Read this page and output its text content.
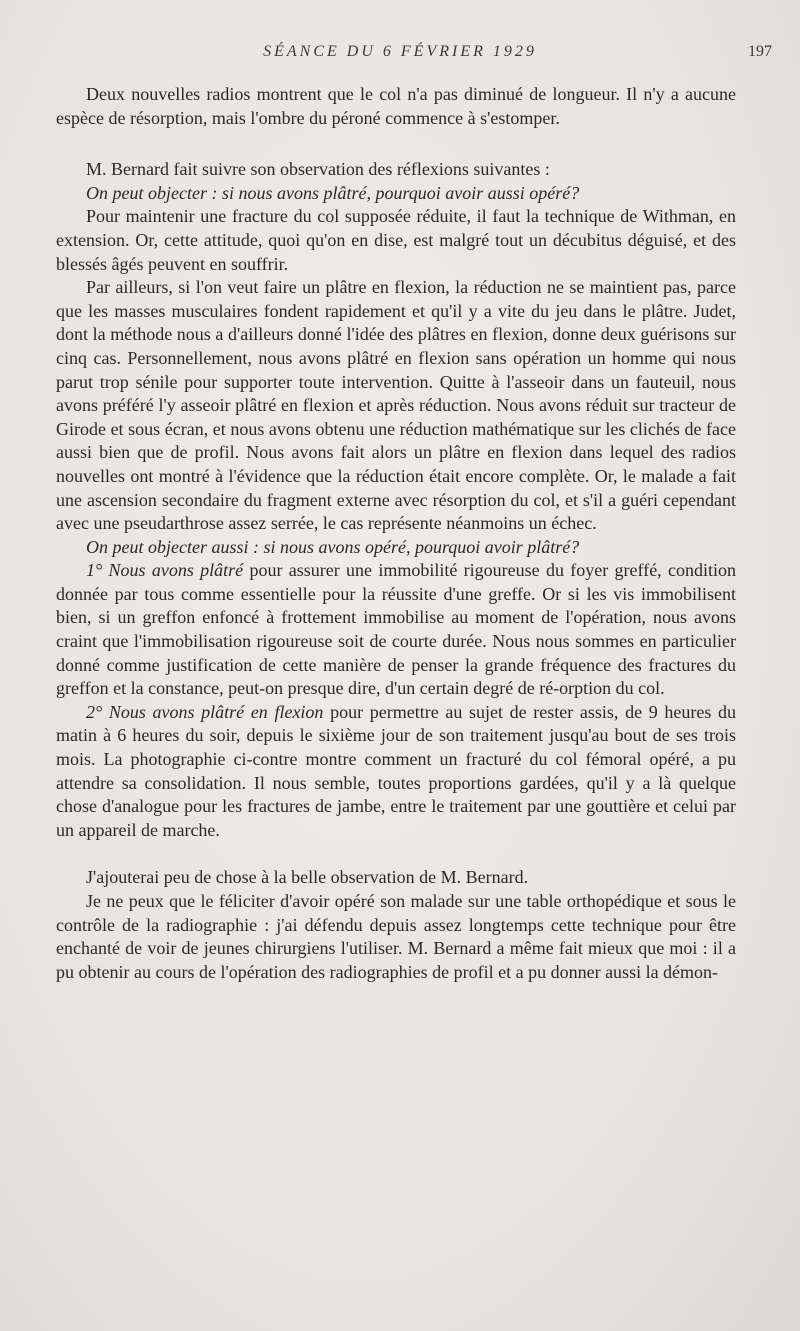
SÉANCE DU 6 FÉVRIER 1929	197

Deux nouvelles radios montrent que le col n'a pas diminué de longueur. Il n'y a aucune espèce de résorption, mais l'ombre du péroné commence à s'estomper.

M. Bernard fait suivre son observation des réflexions suivantes :

On peut objecter : si nous avons plâtré, pourquoi avoir aussi opéré?

Pour maintenir une fracture du col supposée réduite, il faut la technique de Withman, en extension. Or, cette attitude, quoi qu'on en dise, est malgré tout un décubitus déguisé, et des blessés âgés peuvent en souffrir.

Par ailleurs, si l'on veut faire un plâtre en flexion, la réduction ne se maintient pas, parce que les masses musculaires fondent rapidement et qu'il y a vite du jeu dans le plâtre. Judet, dont la méthode nous a d'ailleurs donné l'idée des plâtres en flexion, donne deux guérisons sur cinq cas. Personnellement, nous avons plâtré en flexion sans opération un homme qui nous parut trop sénile pour supporter toute intervention. Quitte à l'asseoir dans un fauteuil, nous avons préféré l'y asseoir plâtré en flexion et après réduction. Nous avons réduit sur tracteur de Girode et sous écran, et nous avons obtenu une réduction mathématique sur les clichés de face aussi bien que de profil. Nous avons fait alors un plâtre en flexion dans lequel des radios nouvelles ont montré à l'évidence que la réduction était encore complète. Or, le malade a fait une ascension secondaire du fragment externe avec résorption du col, et s'il a guéri cependant avec une pseudarthrose assez serrée, le cas représente néanmoins un échec.

On peut objecter aussi : si nous avons opéré, pourquoi avoir plâtré?

1° Nous avons plâtré pour assurer une immobilité rigoureuse du foyer greffé, condition donnée par tous comme essentielle pour la réussite d'une greffe. Or si les vis immobilisent bien, si un greffon enfoncé à frottement immobilise au moment de l'opération, nous avons craint que l'immobilisation rigoureuse soit de courte durée. Nous nous sommes en particulier donné comme justification de cette manière de penser la grande fréquence des fractures du greffon et la constance, peut-on presque dire, d'un certain degré de ré-orption du col.

2° Nous avons plâtré en flexion pour permettre au sujet de rester assis, de 9 heures du matin à 6 heures du soir, depuis le sixième jour de son traitement jusqu'au bout de ses trois mois. La photographie ci-contre montre comment un fracturé du col fémoral opéré, a pu attendre sa consolidation. Il nous semble, toutes proportions gardées, qu'il y a là quelque chose d'analogue pour les fractures de jambe, entre le traitement par une gouttière et celui par un appareil de marche.

J'ajouterai peu de chose à la belle observation de M. Bernard.

Je ne peux que le féliciter d'avoir opéré son malade sur une table orthopédique et sous le contrôle de la radiographie : j'ai défendu depuis assez longtemps cette technique pour être enchanté de voir de jeunes chirurgiens l'utiliser. M. Bernard a même fait mieux que moi : il a pu obtenir au cours de l'opération des radiographies de profil et a pu donner aussi la démon-
